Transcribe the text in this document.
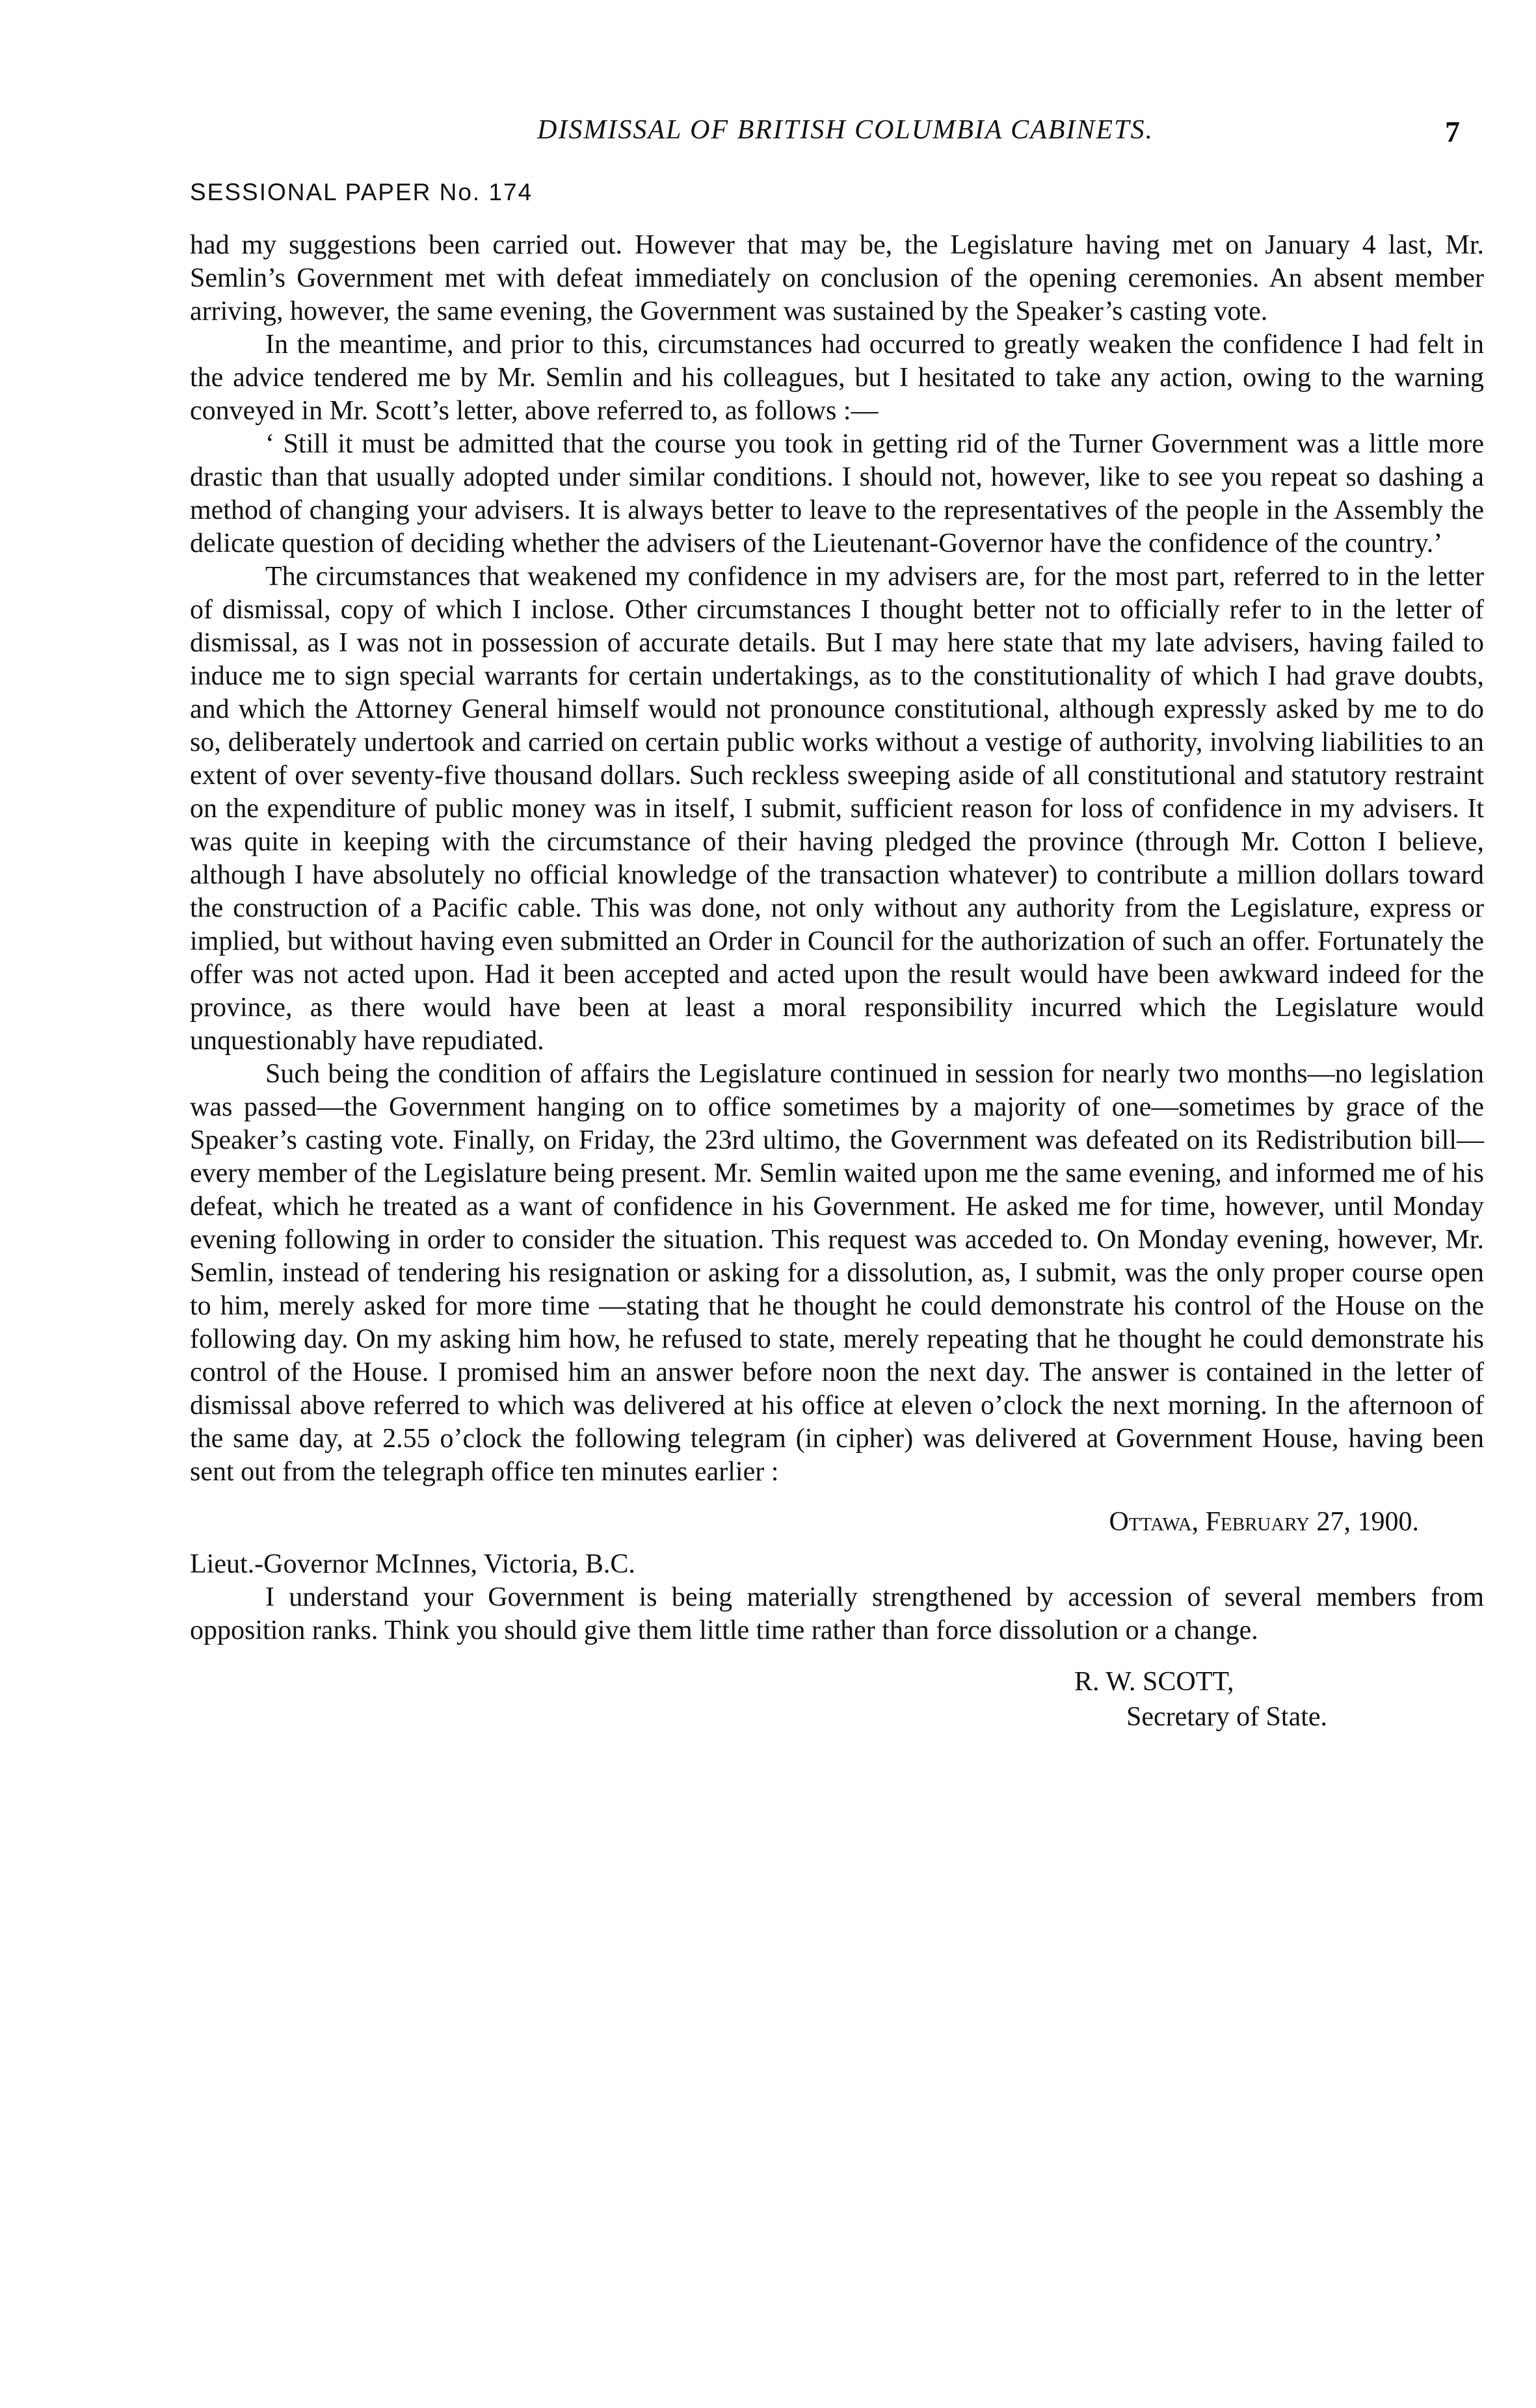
DISMISSAL OF BRITISH COLUMBIA CABINETS.	7
SESSIONAL PAPER No. 174

had my suggestions been carried out. However that may be, the Legislature having met on January 4 last, Mr. Semlin’s Government met with defeat immediately on conclusion of the opening ceremonies. An absent member arriving, however, the same evening, the Government was sustained by the Speaker’s casting vote.

In the meantime, and prior to this, circumstances had occurred to greatly weaken the confidence I had felt in the advice tendered me by Mr. Semlin and his colleagues, but I hesitated to take any action, owing to the warning conveyed in Mr. Scott’s letter, above referred to, as follows :—

‘ Still it must be admitted that the course you took in getting rid of the Turner Government was a little more drastic than that usually adopted under similar conditions. I should not, however, like to see you repeat so dashing a method of changing your advisers. It is always better to leave to the representatives of the people in the Assembly the delicate question of deciding whether the advisers of the Lieutenant-Governor have the confidence of the country.’

The circumstances that weakened my confidence in my advisers are, for the most part, referred to in the letter of dismissal, copy of which I inclose. Other circumstances I thought better not to officially refer to in the letter of dismissal, as I was not in possession of accurate details. But I may here state that my late advisers, having failed to induce me to sign special warrants for certain undertakings, as to the constitutionality of which I had grave doubts, and which the Attorney General himself would not pronounce constitutional, although expressly asked by me to do so, deliberately undertook and carried on certain public works without a vestige of authority, involving liabilities to an extent of over seventy-five thousand dollars. Such reckless sweeping aside of all constitutional and statutory restraint on the expenditure of public money was in itself, I submit, sufficient reason for loss of confidence in my advisers. It was quite in keeping with the circumstance of their having pledged the province (through Mr. Cotton I believe, although I have absolutely no official knowledge of the transaction whatever) to contribute a million dollars toward the construction of a Pacific cable. This was done, not only without any authority from the Legislature, express or implied, but without having even submitted an Order in Council for the authorization of such an offer. Fortunately the offer was not acted upon. Had it been accepted and acted upon the result would have been awkward indeed for the province, as there would have been at least a moral responsibility incurred which the Legislature would unquestionably have repudiated.

Such being the condition of affairs the Legislature continued in session for nearly two months—no legislation was passed—the Government hanging on to office sometimes by a majority of one—sometimes by grace of the Speaker’s casting vote. Finally, on Friday, the 23rd ultimo, the Government was defeated on its Redistribution bill—every member of the Legislature being present. Mr. Semlin waited upon me the same evening, and informed me of his defeat, which he treated as a want of confidence in his Government. He asked me for time, however, until Monday evening following in order to consider the situation. This request was acceded to. On Monday evening, however, Mr. Semlin, instead of tendering his resignation or asking for a dissolution, as, I submit, was the only proper course open to him, merely asked for more time —stating that he thought he could demonstrate his control of the House on the following day. On my asking him how, he refused to state, merely repeating that he thought he could demonstrate his control of the House. I promised him an answer before noon the next day. The answer is contained in the letter of dismissal above referred to which was delivered at his office at eleven o’clock the next morning. In the afternoon of the same day, at 2.55 o’clock the following telegram (in cipher) was delivered at Government House, having been sent out from the telegraph office ten minutes earlier :

Ottawa, February 27, 1900.

Lieut.-Governor McInnes, Victoria, B.C.

I understand your Government is being materially strengthened by accession of several members from opposition ranks. Think you should give them little time rather than force dissolution or a change.

R. W. SCOTT,
Secretary of State.
